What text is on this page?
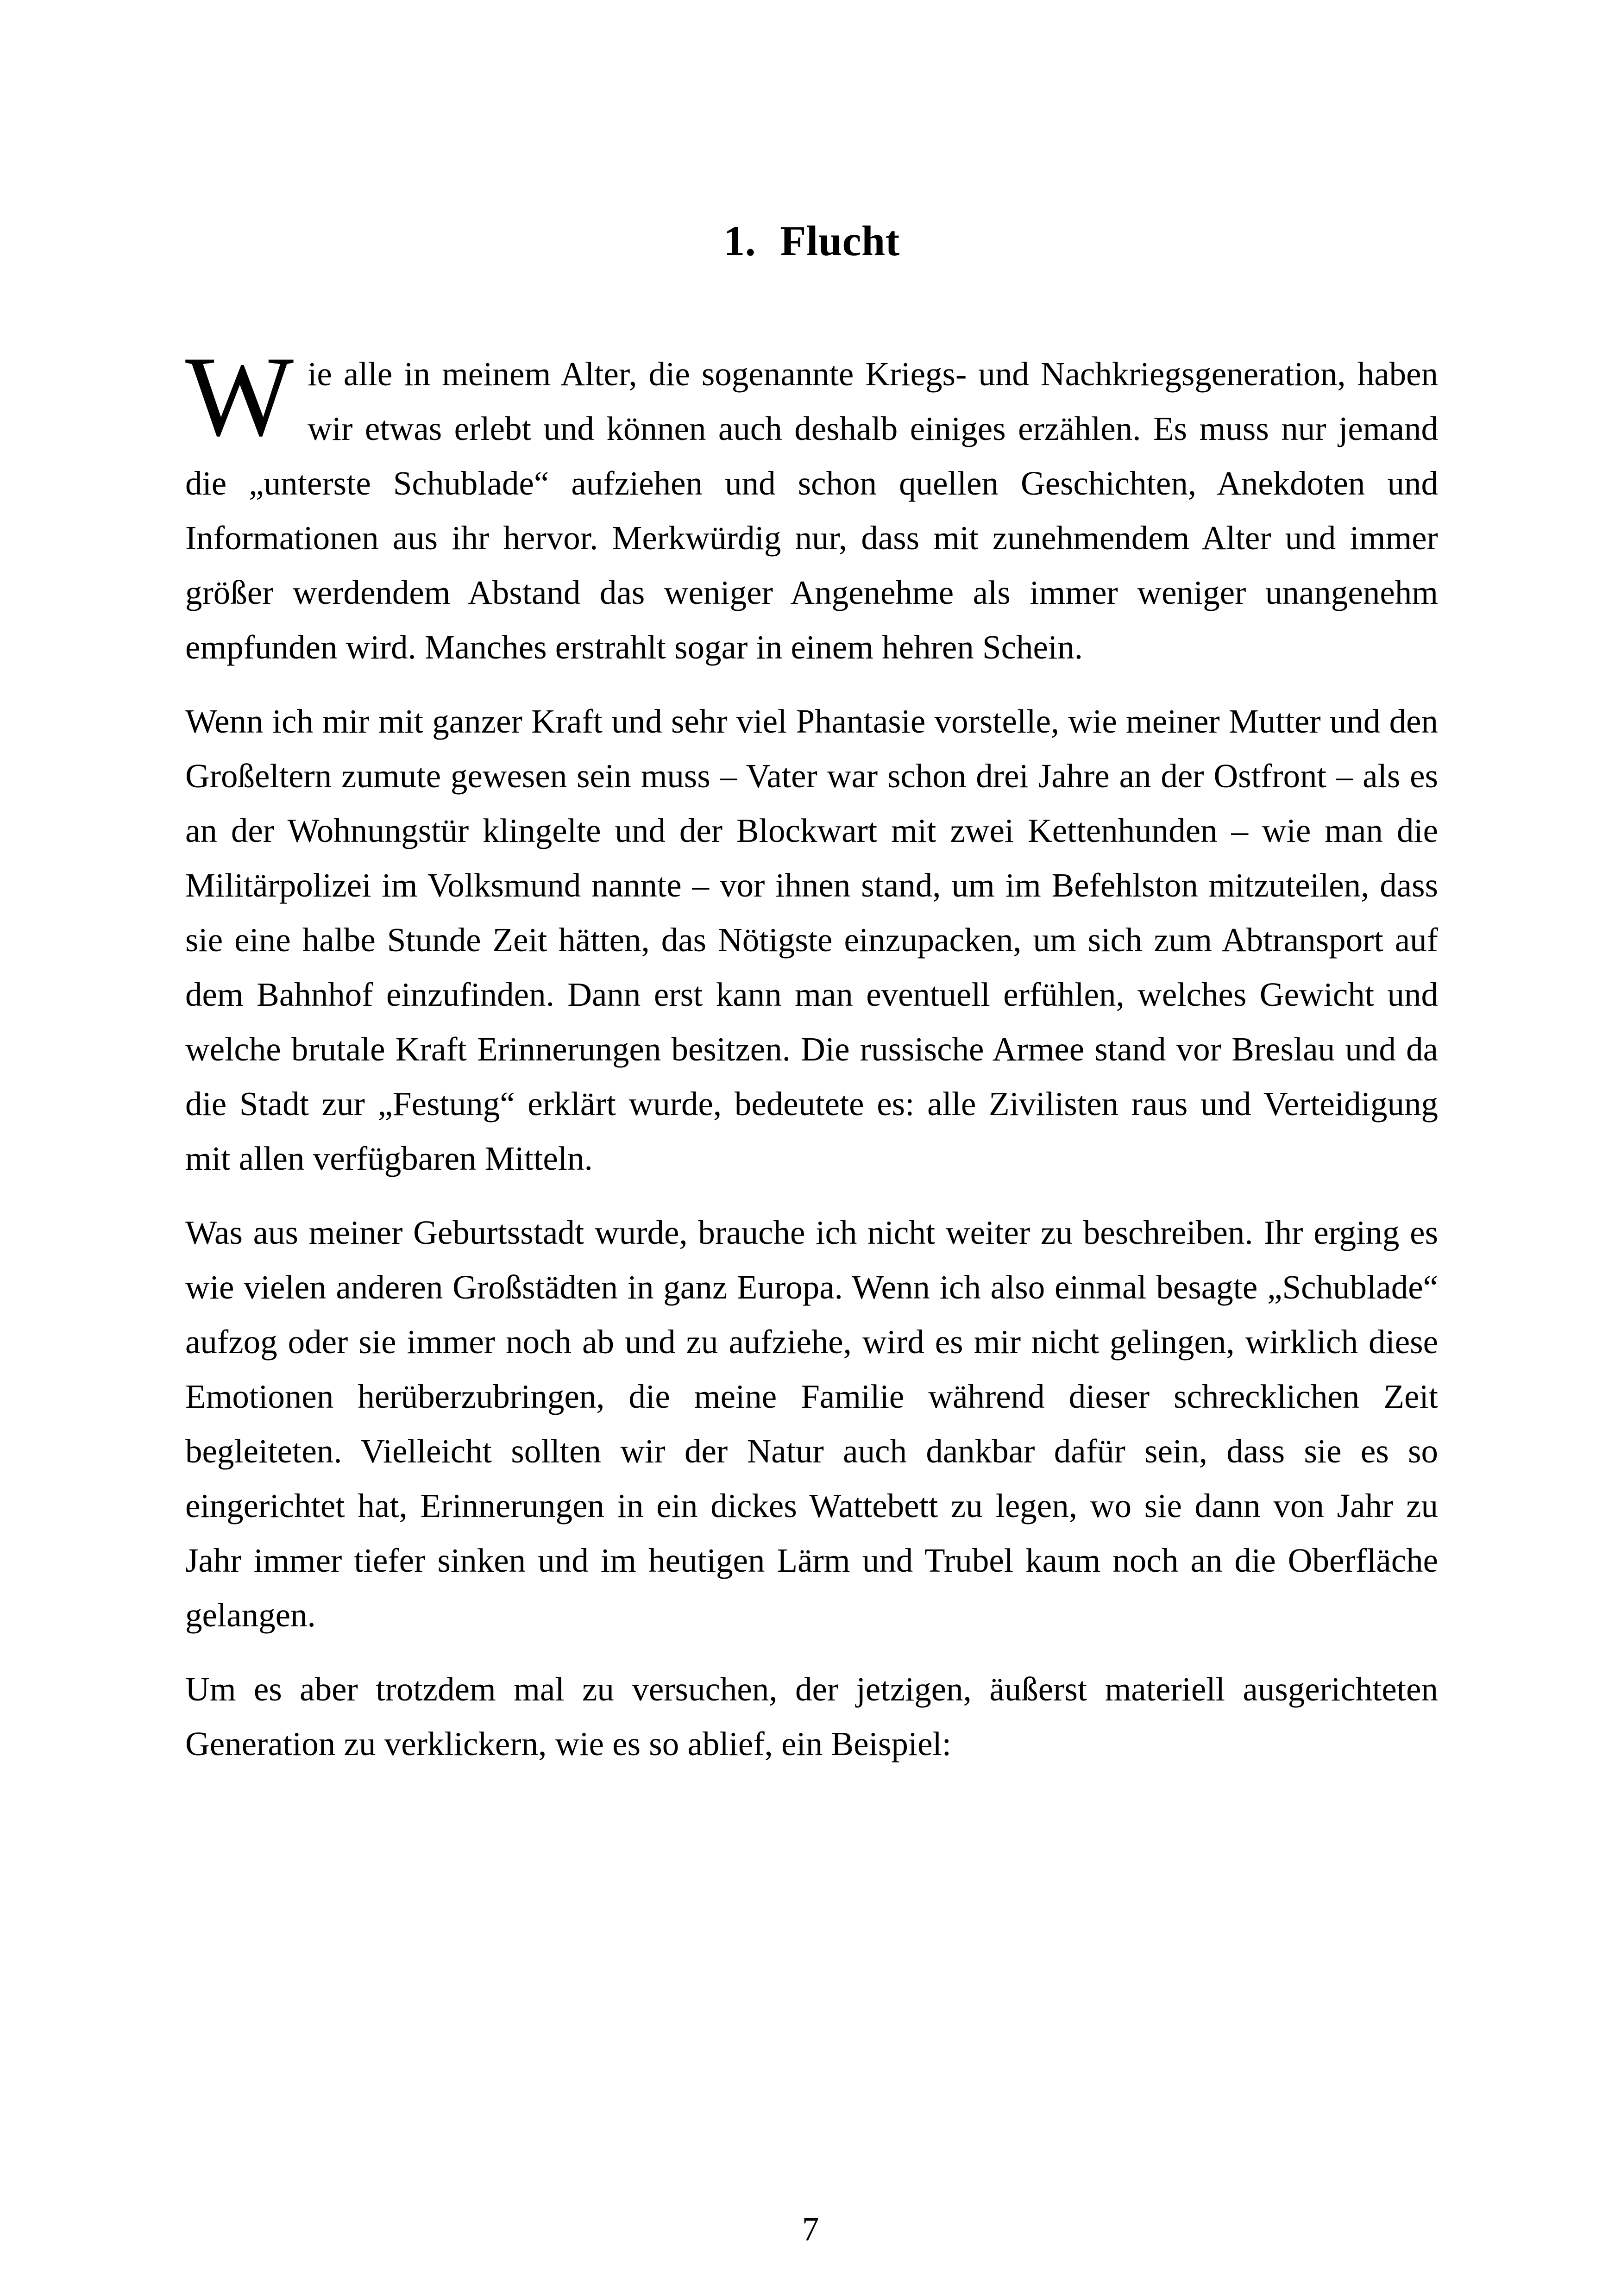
1. Flucht

Wie alle in meinem Alter, die sogenannte Kriegs- und Nachkriegsgeneration, haben wir etwas erlebt und können auch deshalb einiges erzählen. Es muss nur jemand die „unterste Schublade“ aufziehen und schon quellen Geschichten, Anekdoten und Informationen aus ihr hervor. Merkwürdig nur, dass mit zunehmendem Alter und immer größer werdendem Abstand das weniger Angenehme als immer weniger unangenehm empfunden wird. Manches erstrahlt sogar in einem hehren Schein.

Wenn ich mir mit ganzer Kraft und sehr viel Phantasie vorstelle, wie meiner Mutter und den Großeltern zumute gewesen sein muss – Vater war schon drei Jahre an der Ostfront – als es an der Wohnungstür klingelte und der Blockwart mit zwei Kettenhunden – wie man die Militärpolizei im Volksmund nannte – vor ihnen stand, um im Befehlston mitzuteilen, dass sie eine halbe Stunde Zeit hätten, das Nötigste einzupacken, um sich zum Abtransport auf dem Bahnhof einzufinden. Dann erst kann man eventuell erfühlen, welches Gewicht und welche brutale Kraft Erinnerungen besitzen. Die russische Armee stand vor Breslau und da die Stadt zur „Festung“ erklärt wurde, bedeutete es: alle Zivilisten raus und Verteidigung mit allen verfügbaren Mitteln.

Was aus meiner Geburtsstadt wurde, brauche ich nicht weiter zu beschreiben. Ihr erging es wie vielen anderen Großstädten in ganz Europa. Wenn ich also einmal besagte „Schublade“ aufzog oder sie immer noch ab und zu aufziehe, wird es mir nicht gelingen, wirklich diese Emotionen herüberzubringen, die meine Familie während dieser schrecklichen Zeit begleiteten. Vielleicht sollten wir der Natur auch dankbar dafür sein, dass sie es so eingerichtet hat, Erinnerungen in ein dickes Wattebett zu legen, wo sie dann von Jahr zu Jahr immer tiefer sinken und im heutigen Lärm und Trubel kaum noch an die Oberfläche gelangen.

Um es aber trotzdem mal zu versuchen, der jetzigen, äußerst materiell ausgerichteten Generation zu verklickern, wie es so ablief, ein Beispiel:

7
